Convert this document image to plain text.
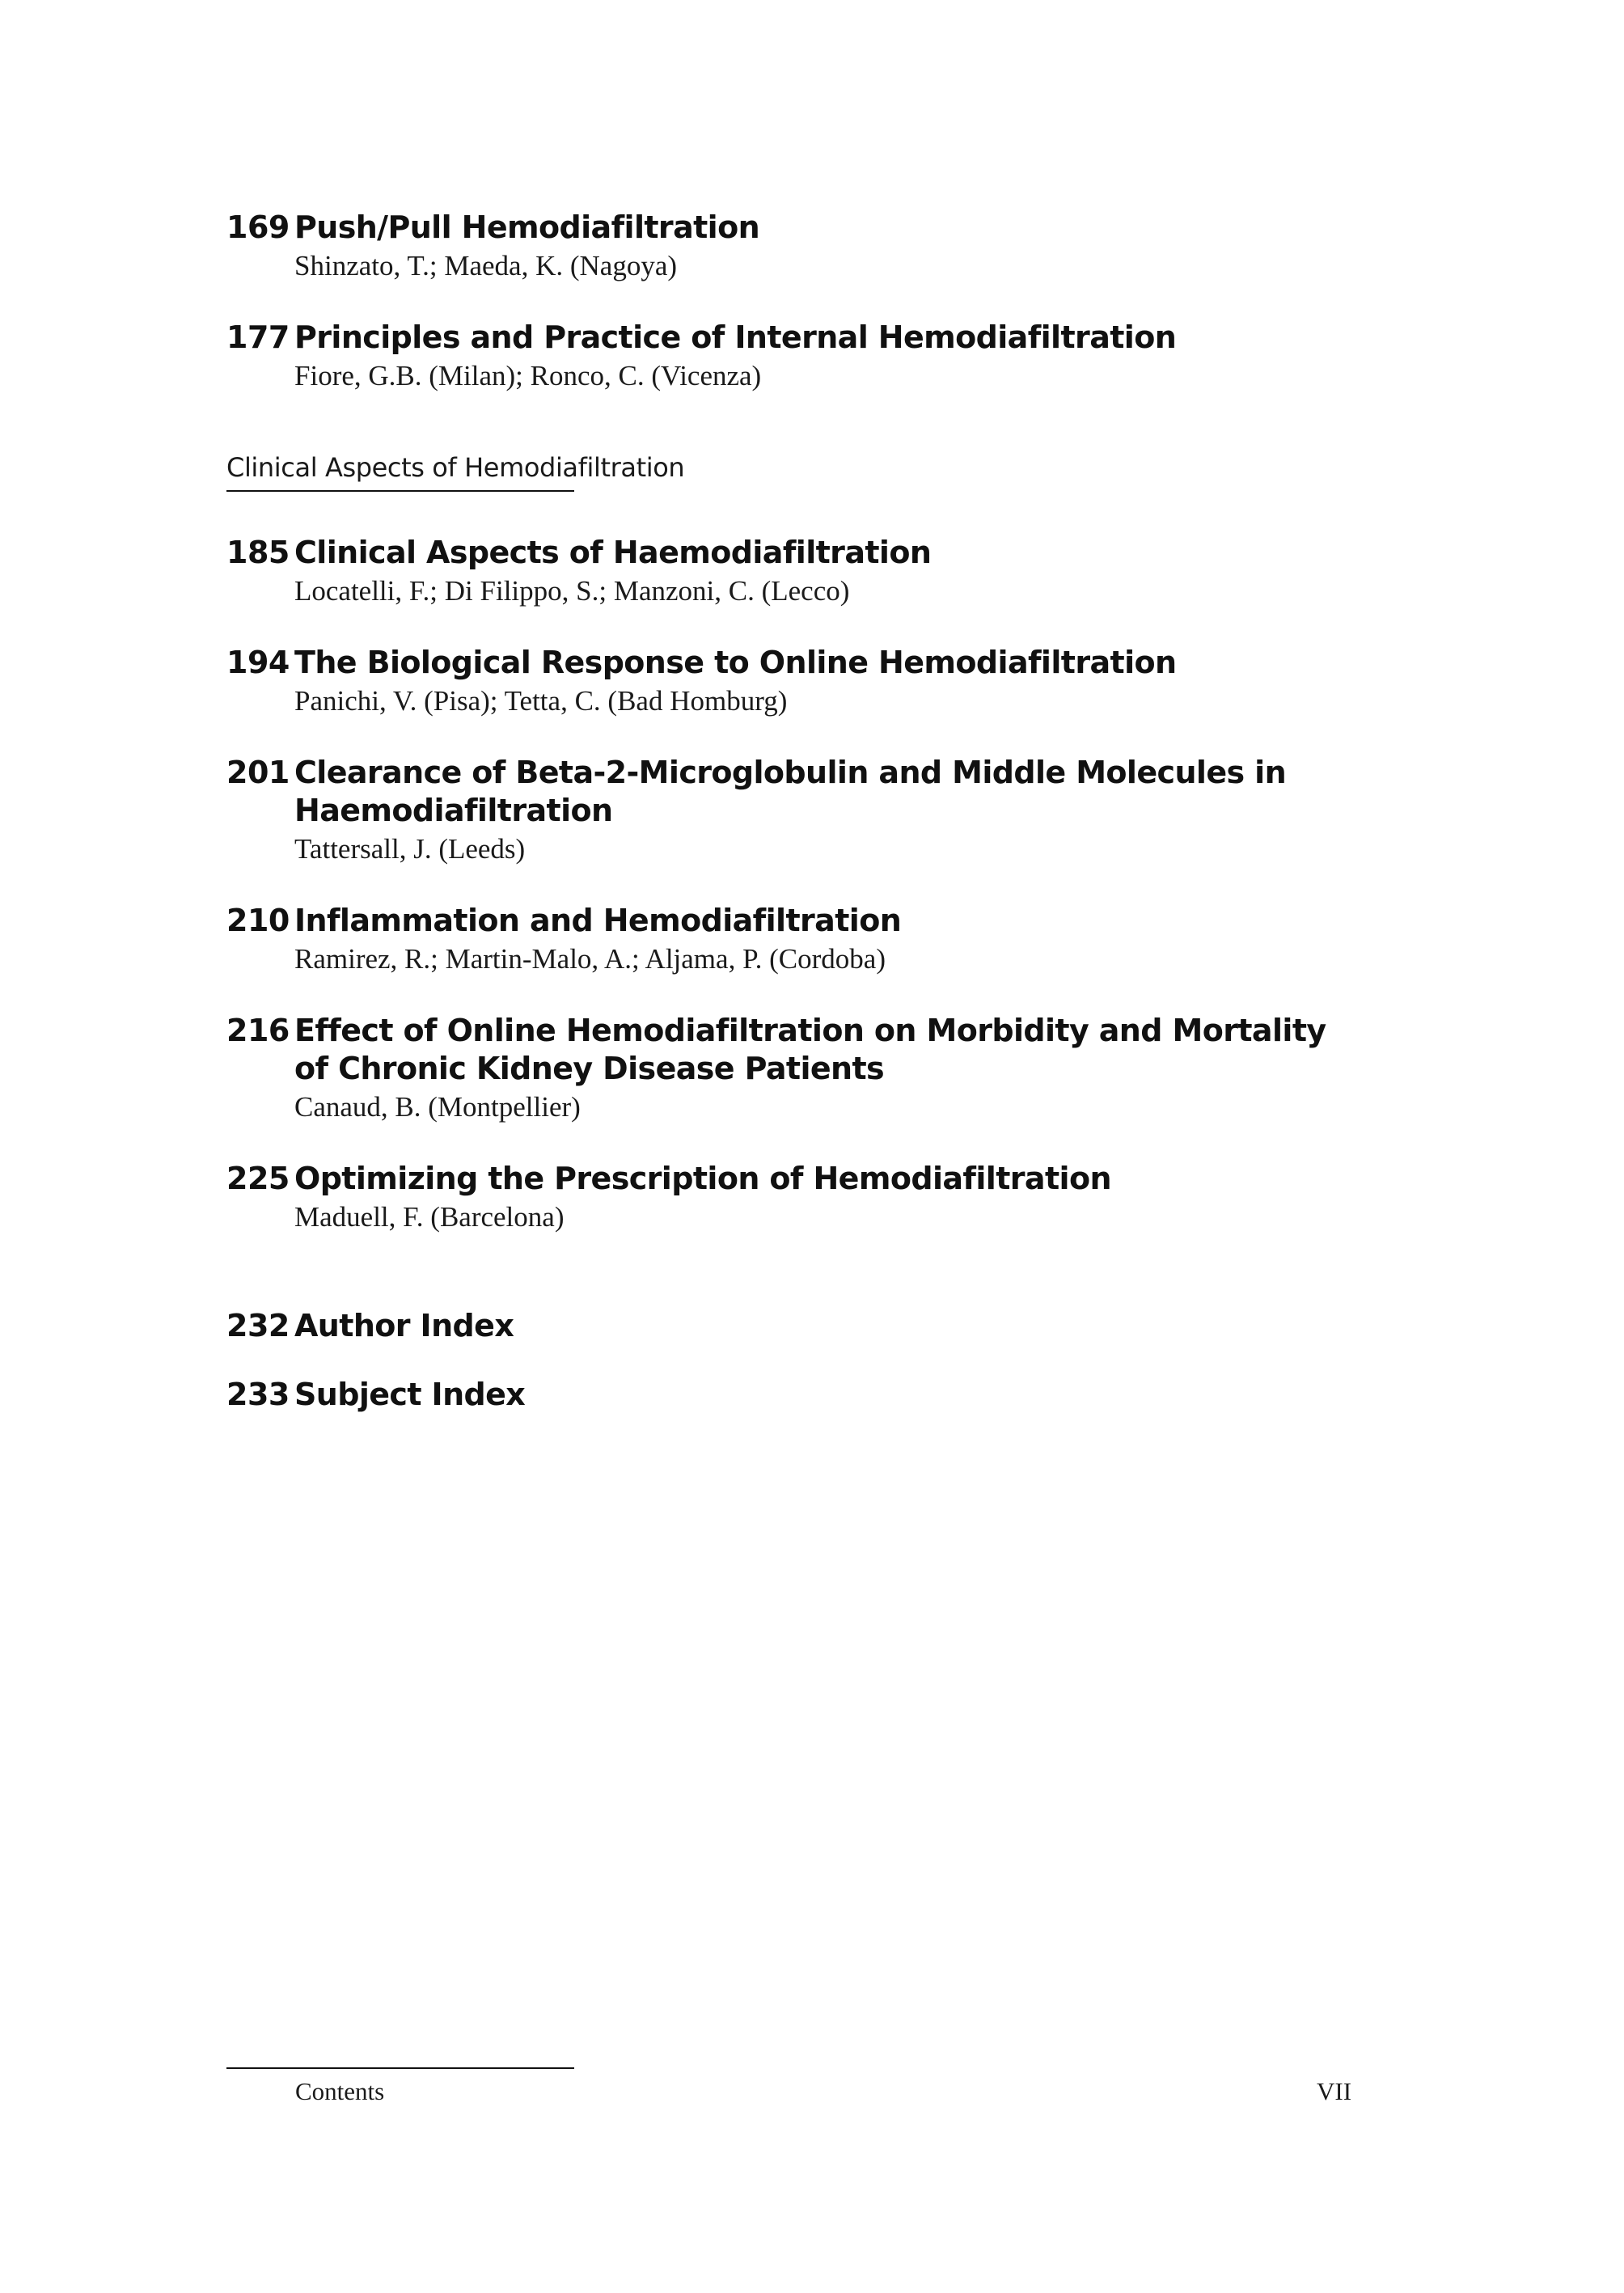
169 Push/Pull Hemodiafiltration
Shinzato, T.; Maeda, K. (Nagoya)
177 Principles and Practice of Internal Hemodiafiltration
Fiore, G.B. (Milan); Ronco, C. (Vicenza)
Clinical Aspects of Hemodiafiltration
185 Clinical Aspects of Haemodiafiltration
Locatelli, F.; Di Filippo, S.; Manzoni, C. (Lecco)
194 The Biological Response to Online Hemodiafiltration
Panichi, V. (Pisa); Tetta, C. (Bad Homburg)
201 Clearance of Beta-2-Microglobulin and Middle Molecules in Haemodiafiltration
Tattersall, J. (Leeds)
210 Inflammation and Hemodiafiltration
Ramirez, R.; Martin-Malo, A.; Aljama, P. (Cordoba)
216 Effect of Online Hemodiafiltration on Morbidity and Mortality of Chronic Kidney Disease Patients
Canaud, B. (Montpellier)
225 Optimizing the Prescription of Hemodiafiltration
Maduell, F. (Barcelona)
232 Author Index
233 Subject Index
Contents	VII
